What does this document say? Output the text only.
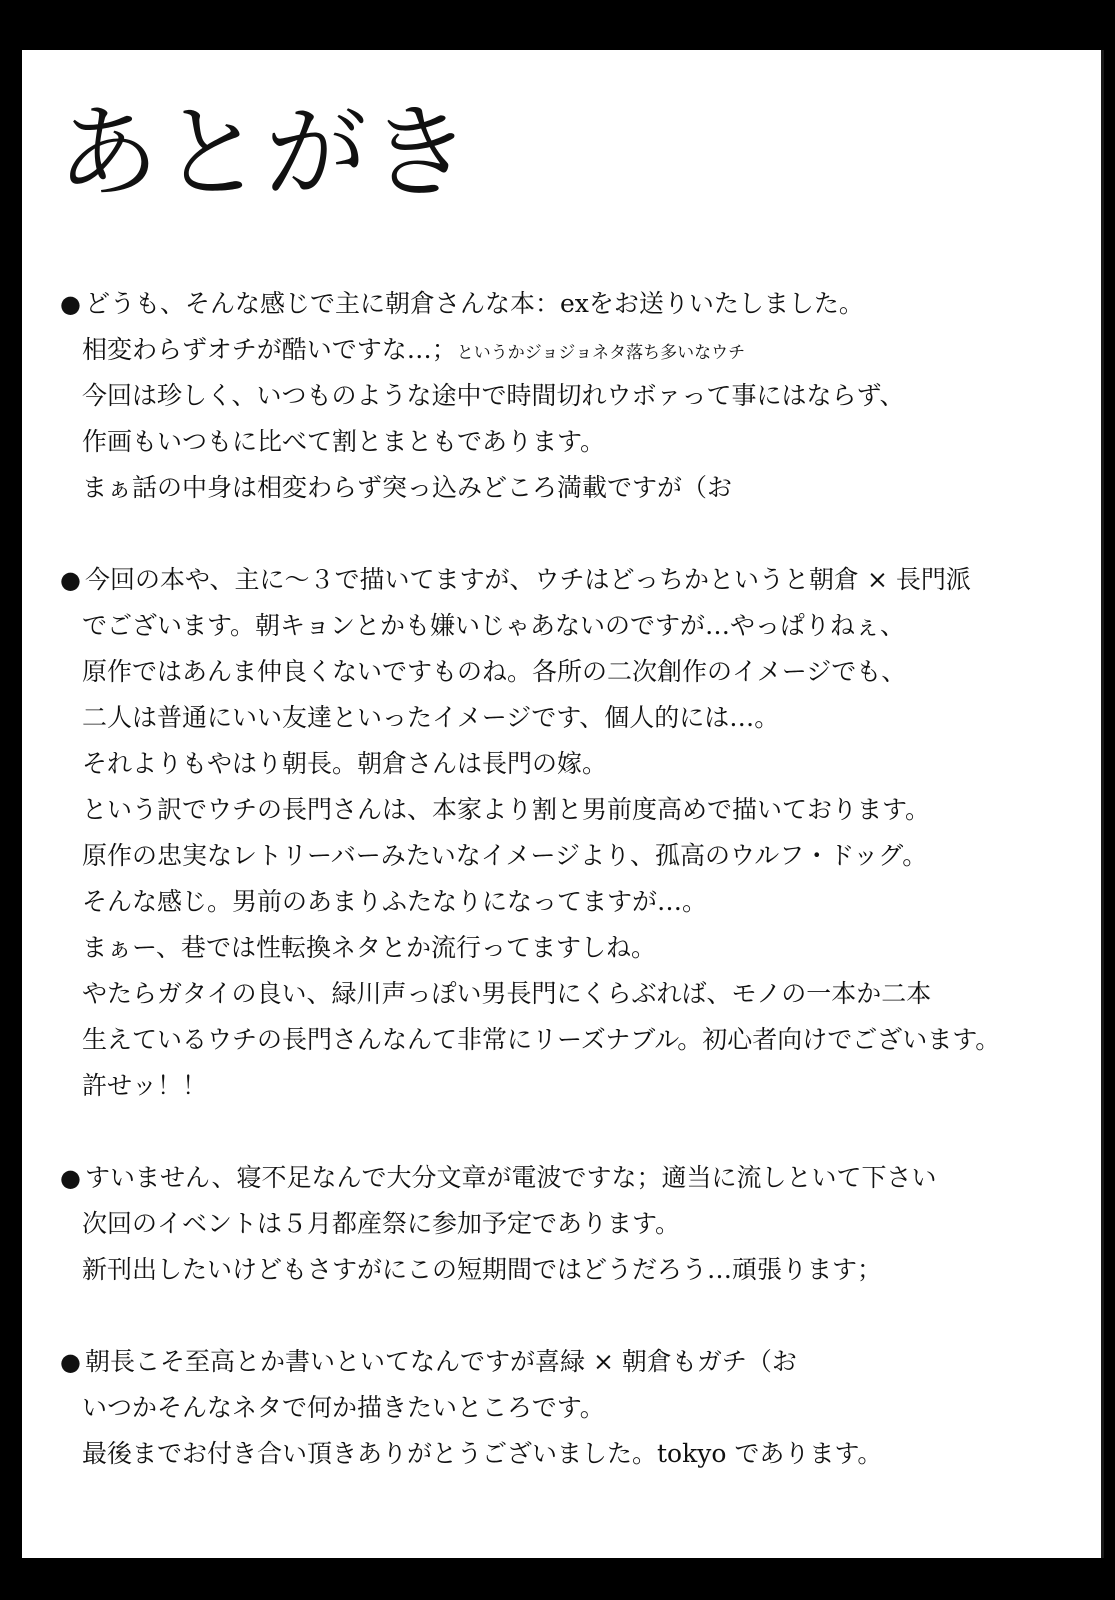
あとがき
● どうも、そんな感じで主に朝倉さんな本：exをお送りいたしました。
相変わらずオチが酷いですな…；というかジョジョネタ落ち多いなウチ
今回は珍しく、いつものような途中で時間切れウボァって事にはならず、
作画もいつもに比べて割とまともであります。
まぁ話の中身は相変わらず突っ込みどころ満載ですが（お
● 今回の本や、主に～３で描いてますが、ウチはどっちかというと朝倉 × 長門派
でございます。朝キョンとかも嫌いじゃあないのですが…やっぱりねぇ、
原作ではあんま仲良くないですものね。各所の二次創作のイメージでも、
二人は普通にいい友達といったイメージです、個人的には…。
それよりもやはり朝長。朝倉さんは長門の嫁。
という訳でウチの長門さんは、本家より割と男前度高めで描いております。
原作の忠実なレトリーバーみたいなイメージより、孤高のウルフ・ドッグ。
そんな感じ。男前のあまりふたなりになってますが…。
まぁー、巷では性転換ネタとか流行ってますしね。
やたらガタイの良い、緑川声っぽい男長門にくらぶれば、モノの一本か二本
生えているウチの長門さんなんて非常にリーズナブル。初心者向けでございます。
許せッ！！
● すいません、寝不足なんで大分文章が電波ですな；適当に流しといて下さい
次回のイベントは５月都産祭に参加予定であります。
新刊出したいけどもさすがにこの短期間ではどうだろう…頑張ります；
● 朝長こそ至高とか書いといてなんですが喜緑 × 朝倉もガチ（お
いつかそんなネタで何か描きたいところです。
最後までお付き合い頂きありがとうございました。tokyo であります。
